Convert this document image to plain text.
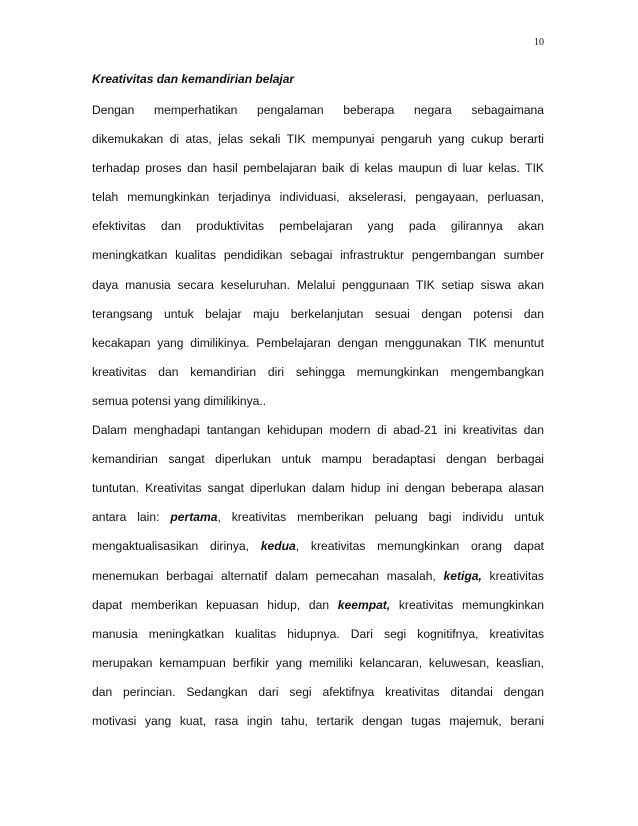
10
Kreativitas dan kemandirian belajar
Dengan memperhatikan pengalaman beberapa negara sebagaimana
dikemukakan di atas, jelas sekali TIK mempunyai pengaruh yang cukup berarti
terhadap proses dan hasil pembelajaran baik di kelas maupun di luar kelas. TIK
telah memungkinkan terjadinya individuasi, akselerasi, pengayaan, perluasan,
efektivitas dan produktivitas pembelajaran yang pada gilirannya akan
meningkatkan kualitas pendidikan sebagai infrastruktur pengembangan sumber
daya manusia secara keseluruhan. Melalui penggunaan TIK setiap siswa akan
terangsang untuk belajar maju berkelanjutan sesuai dengan potensi dan
kecakapan yang dimilikinya. Pembelajaran dengan menggunakan TIK menuntut
kreativitas dan kemandirian diri sehingga memungkinkan mengembangkan
semua potensi yang dimilikinya..
Dalam menghadapi tantangan kehidupan modern di abad-21 ini kreativitas dan
kemandirian sangat diperlukan untuk mampu beradaptasi dengan berbagai
tuntutan. Kreativitas sangat diperlukan dalam hidup ini dengan beberapa alasan
antara lain: pertama, kreativitas memberikan peluang bagi individu untuk
mengaktualisasikan dirinya, kedua, kreativitas memungkinkan orang dapat
menemukan berbagai alternatif dalam pemecahan masalah, ketiga, kreativitas
dapat memberikan kepuasan hidup, dan keempat, kreativitas memungkinkan
manusia meningkatkan kualitas hidupnya. Dari segi kognitifnya, kreativitas
merupakan kemampuan berfikir yang memiliki kelancaran, keluwesan, keaslian,
dan perincian. Sedangkan dari segi afektifnya kreativitas ditandai dengan
motivasi yang kuat, rasa ingin tahu, tertarik dengan tugas majemuk, berani
